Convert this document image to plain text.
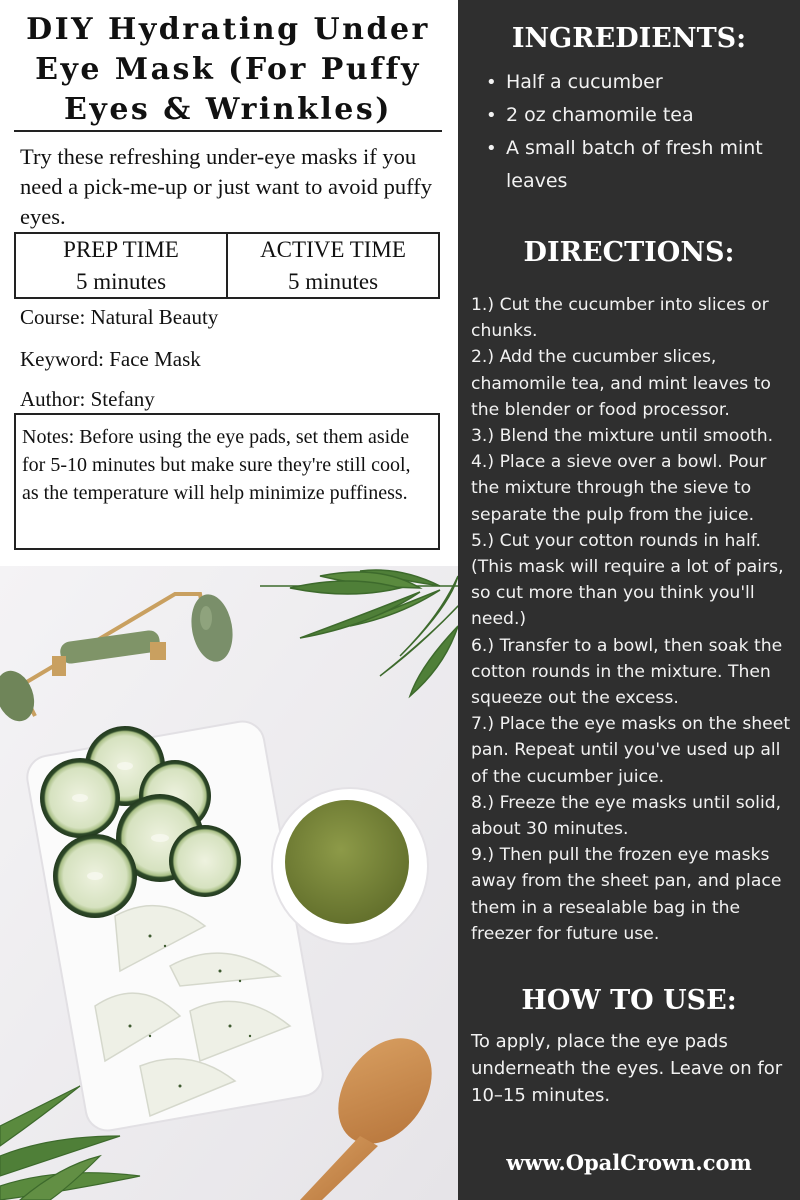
DIY Hydrating Under Eye Mask (For Puffy Eyes & Wrinkles)

Try these refreshing under-eye masks if you need a pick-me-up or just want to avoid puffy eyes.

PREP TIME
5 minutes
ACTIVE TIME
5 minutes

Course: Natural Beauty

Keyword: Face Mask

Author: Stefany

Notes: Before using the eye pads, set them aside for 5-10 minutes but make sure they're still cool, as the temperature will help minimize puffiness.

INGREDIENTS:
• Half a cucumber
• 2 oz chamomile tea
• A small batch of fresh mint leaves
DIRECTIONS:

1.) Cut the cucumber into slices or chunks.

2.) Add the cucumber slices, chamomile tea, and mint leaves to the blender or food processor.

3.) Blend the mixture until smooth.

4.) Place a sieve over a bowl. Pour the mixture through the sieve to separate the pulp from the juice.

5.) Cut your cotton rounds in half. (This mask will require a lot of pairs, so cut more than you think you'll need.)

6.) Transfer to a bowl, then soak the cotton rounds in the mixture. Then squeeze out the excess.

7.) Place the eye masks on the sheet pan. Repeat until you've used up all of the cucumber juice.

8.) Freeze the eye masks until solid, about 30 minutes.

9.) Then pull the frozen eye masks away from the sheet pan, and place them in a resealable bag in the freezer for future use.

HOW TO USE:

To apply, place the eye pads underneath the eyes. Leave on for 10–15 minutes.

www.OpalCrown.com
